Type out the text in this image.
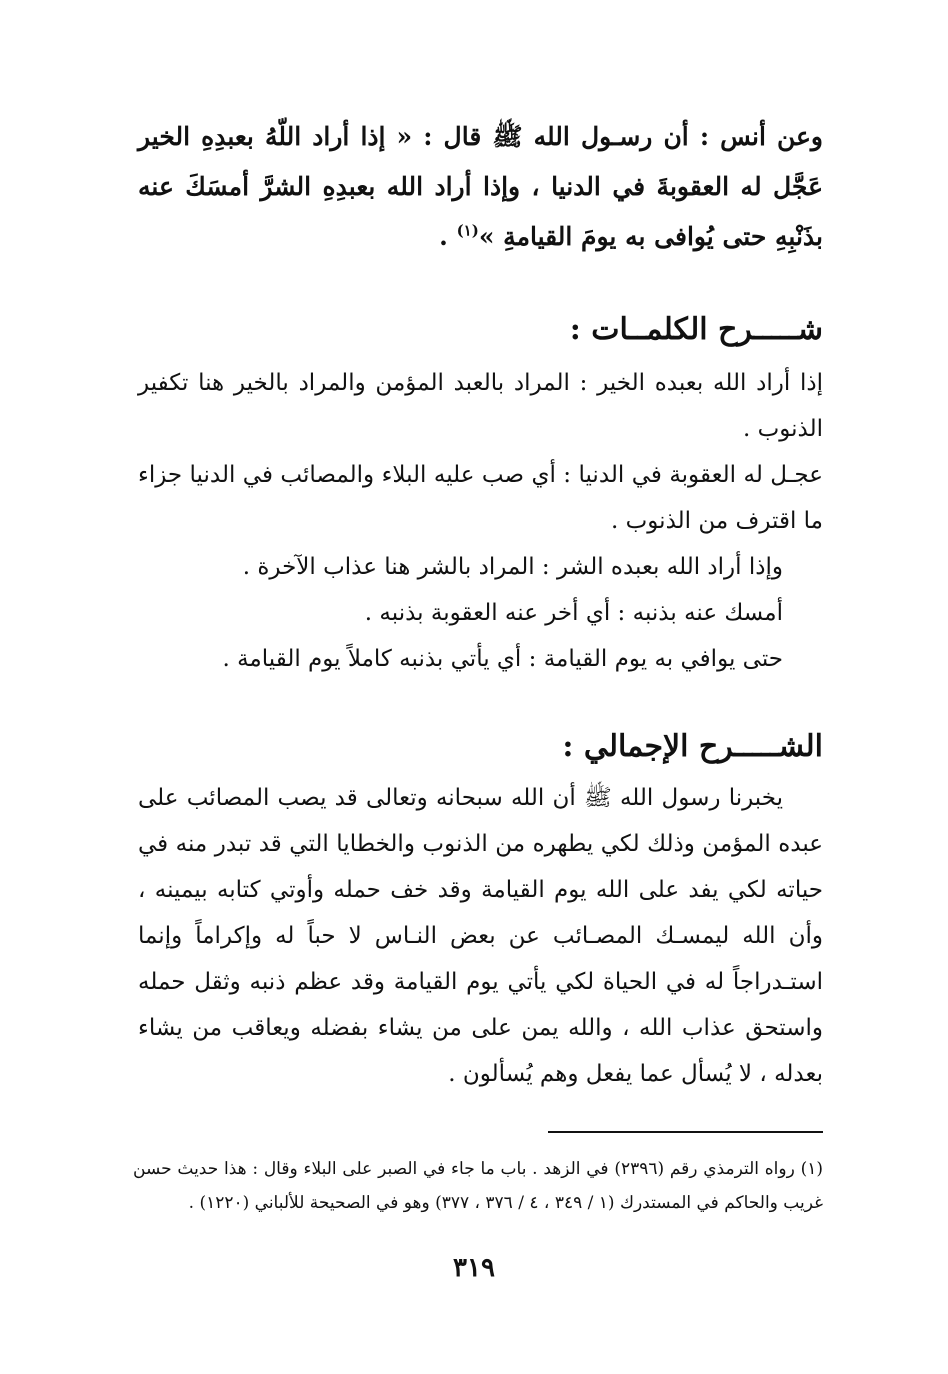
وعن أنس : أن رسـول الله ﷺ قال : « إذا أراد اللّهُ بعبدِهِ الخير عَجَّل له العقوبةَ في الدنيا ، وإذا أراد الله بعبدِهِ الشرَّ أمسَكَ عنه بذَنْبِهِ حتى يُوافى به يومَ القيامةِ »$^{(١)}$ .
شـــــرح الكلمــات :

إذا أراد الله بعبده الخير : المراد بالعبد المؤمن والمراد بالخير هنا تكفير الذنوب .

عجـل له العقوبة في الدنيا : أي صب عليه البلاء والمصائب في الدنيا جزاء ما اقترف من الذنوب .

وإذا أراد الله بعبده الشر : المراد بالشر هنا عذاب الآخرة .

أمسك عنه بذنبه : أي أخر عنه العقوبة بذنبه .

حتى يوافي به يوم القيامة : أي يأتي بذنبه كاملاً يوم القيامة .

الشـــــرح الإجمالي :

يخبرنا رسول الله ﷺ أن الله سبحانه وتعالى قد يصب المصائب على عبده المؤمن وذلك لكي يطهره من الذنوب والخطايا التي قد تبدر منه في حياته لكي يفد على الله يوم القيامة وقد خف حمله وأوتي كتابه بيمينه ، وأن الله ليمسـك المصـائب عن بعض النـاس لا حباً له وإكراماً وإنما استـدراجاً له في الحياة لكي يأتي يوم القيامة وقد عظم ذنبه وثقل حمله واستحق عذاب الله ، والله يمن على من يشاء بفضله ويعاقب من يشاء بعدله ، لا يُسأل عما يفعل وهم يُسألون .

(١) رواه الترمذي رقم (٢٣٩٦) في الزهد . باب ما جاء في الصبر على البلاء وقال : هذا حديث حسن غريب والحاكم في المستدرك (١ / ٣٤٩ ، ٤ / ٣٧٦ ، ٣٧٧) وهو في الصحيحة للألباني (١٢٢٠) .

٣١٩
